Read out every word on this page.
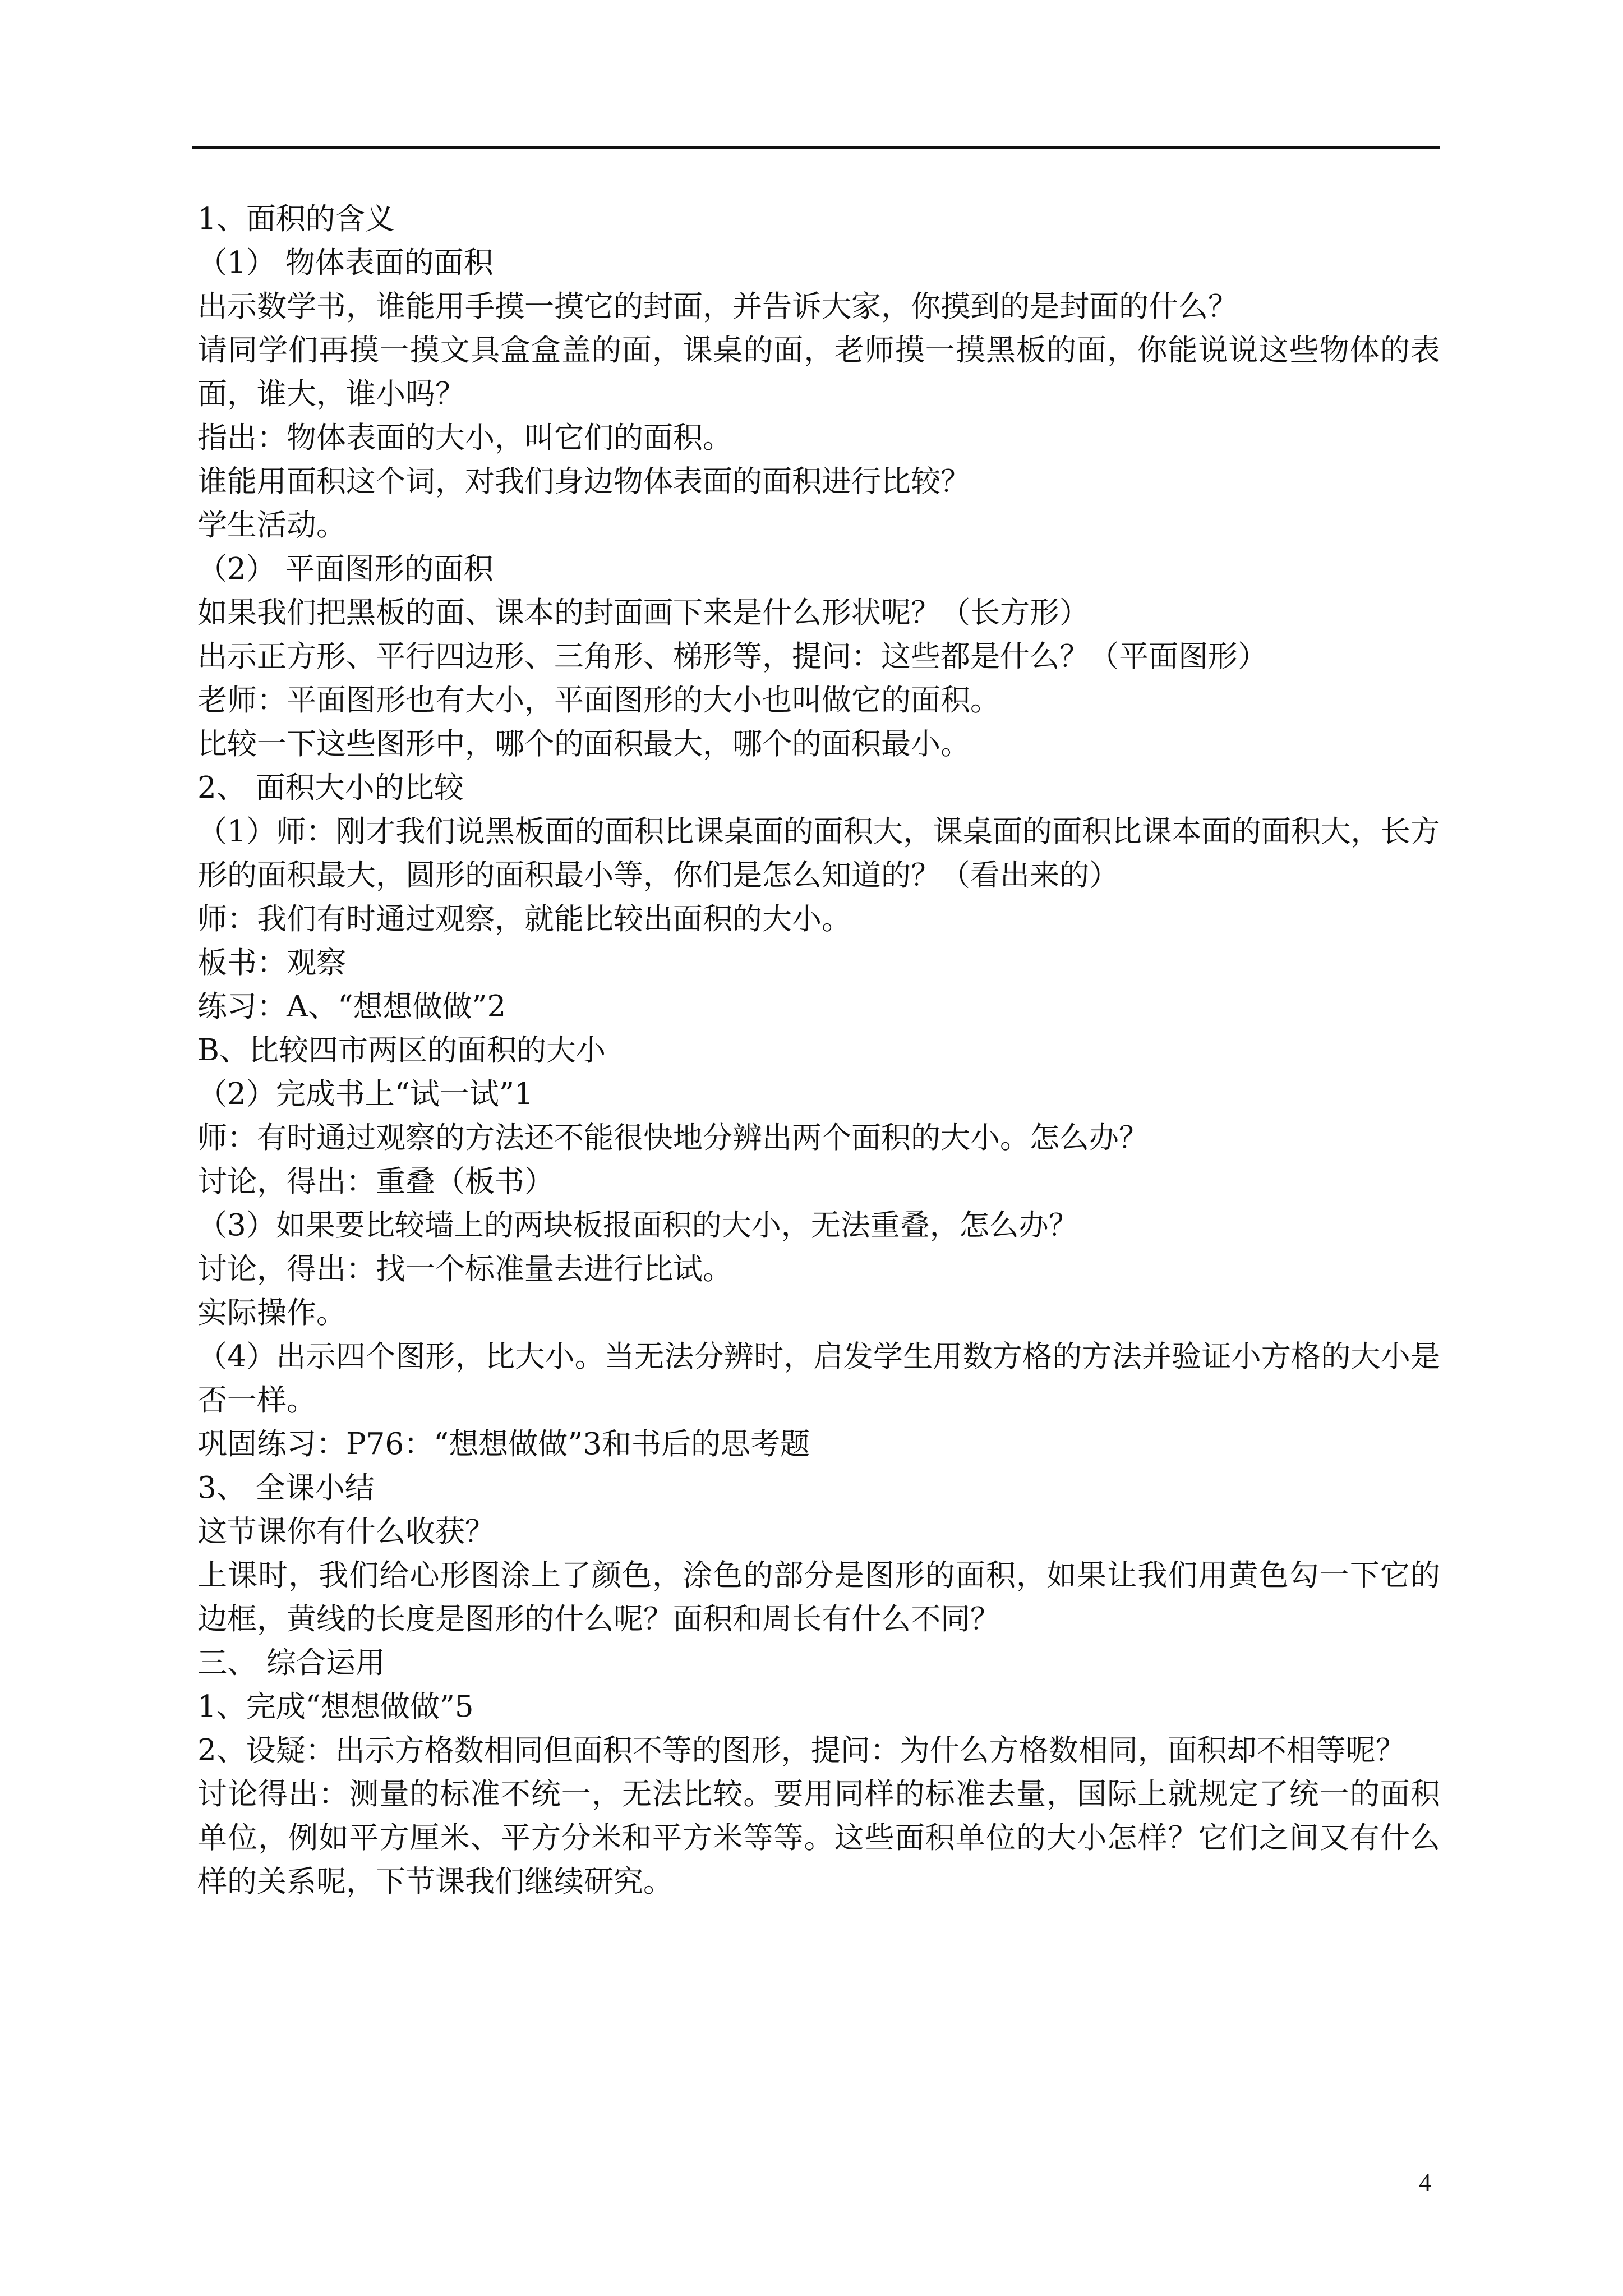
1、面积的含义

（1） 物体表面的面积

出示数学书，谁能用手摸一摸它的封面，并告诉大家，你摸到的是封面的什么？

请同学们再摸一摸文具盒盒盖的面，课桌的面，老师摸一摸黑板的面，你能说说这些物体的表面，谁大，谁小吗？

指出：物体表面的大小，叫它们的面积。

谁能用面积这个词，对我们身边物体表面的面积进行比较？

学生活动。

（2） 平面图形的面积

如果我们把黑板的面、课本的封面画下来是什么形状呢？（长方形）

出示正方形、平行四边形、三角形、梯形等，提问：这些都是什么？（平面图形）

老师：平面图形也有大小，平面图形的大小也叫做它的面积。

比较一下这些图形中，哪个的面积最大，哪个的面积最小。

2、 面积大小的比较

（1）师：刚才我们说黑板面的面积比课桌面的面积大，课桌面的面积比课本面的面积大，长方形的面积最大，圆形的面积最小等，你们是怎么知道的？（看出来的）

师：我们有时通过观察，就能比较出面积的大小。

板书：观察

练习：A、“想想做做”2

B、比较四市两区的面积的大小

（2）完成书上“试一试”1

师：有时通过观察的方法还不能很快地分辨出两个面积的大小。怎么办？

讨论，得出：重叠（板书）

（3）如果要比较墙上的两块板报面积的大小，无法重叠，怎么办？

讨论，得出：找一个标准量去进行比试。

实际操作。

（4）出示四个图形，比大小。当无法分辨时，启发学生用数方格的方法并验证小方格的大小是否一样。

巩固练习：P76：“想想做做”3和书后的思考题

3、 全课小结

这节课你有什么收获？

上课时，我们给心形图涂上了颜色，涂色的部分是图形的面积，如果让我们用黄色勾一下它的边框，黄线的长度是图形的什么呢？面积和周长有什么不同？

三、 综合运用

1、完成“想想做做”5

2、设疑：出示方格数相同但面积不等的图形，提问：为什么方格数相同，面积却不相等呢？

讨论得出：测量的标准不统一，无法比较。要用同样的标准去量，国际上就规定了统一的面积单位，例如平方厘米、平方分米和平方米等等。这些面积单位的大小怎样？它们之间又有什么样的关系呢，下节课我们继续研究。

4
